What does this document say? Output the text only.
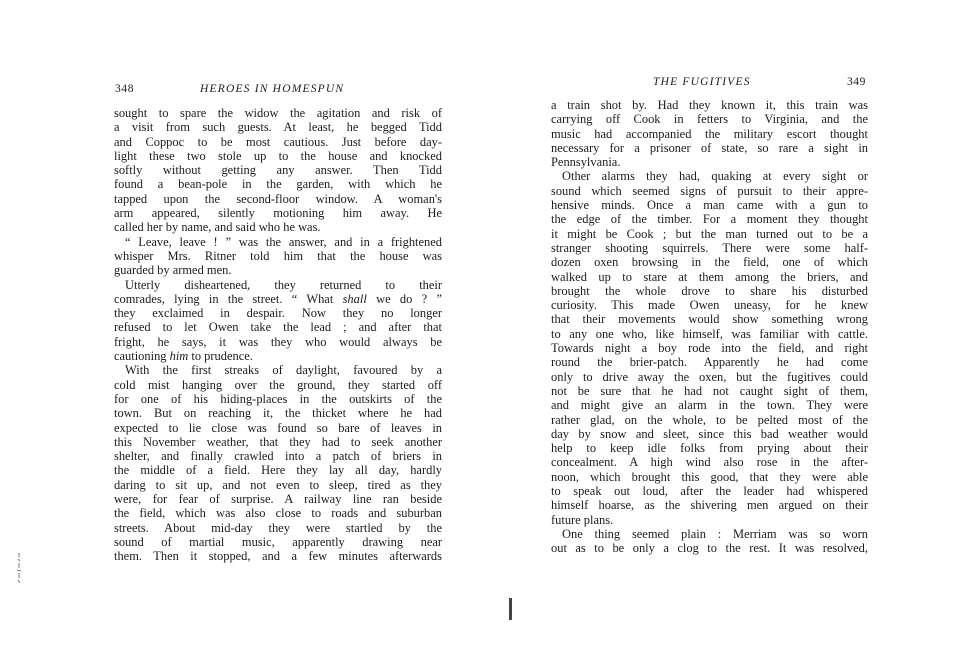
348	HEROES IN HOMESPUN
sought to spare the widow the agitation and risk of
a visit from such guests. At least, he begged Tidd
and Coppoc to be most cautious. Just before day-
light these two stole up to the house and knocked
softly without getting any answer. Then Tidd
found a bean-pole in the garden, with which he
tapped upon the second-floor window. A woman's
arm appeared, silently motioning him away. He
called her by name, and said who he was.
“ Leave, leave ! ” was the answer, and in a frightened
whisper Mrs. Ritner told him that the house was
guarded by armed men.
Utterly disheartened, they returned to their
comrades, lying in the street. “ What shall we do ? ”
they exclaimed in despair. Now they no longer
refused to let Owen take the lead ; and after that
fright, he says, it was they who would always be
cautioning him to prudence.
With the first streaks of daylight, favoured by a
cold mist hanging over the ground, they started off
for one of his hiding-places in the outskirts of the
town. But on reaching it, the thicket where he had
expected to lie close was found so bare of leaves in
this November weather, that they had to seek another
shelter, and finally crawled into a patch of briers in
the middle of a field. Here they lay all day, hardly
daring to sit up, and not even to sleep, tired as they
were, for fear of surprise. A railway line ran beside
the field, which was also close to roads and suburban
streets. About mid-day they were startled by the
sound of martial music, apparently drawing near
them. Then it stopped, and a few minutes afterwards
THE FUGITIVES	349
a train shot by. Had they known it, this train was
carrying off Cook in fetters to Virginia, and the
music had accompanied the military escort thought
necessary for a prisoner of state, so rare a sight in
Pennsylvania.
Other alarms they had, quaking at every sight or
sound which seemed signs of pursuit to their appre-
hensive minds. Once a man came with a gun to
the edge of the timber. For a moment they thought
it might be Cook ; but the man turned out to be a
stranger shooting squirrels. There were some half-
dozen oxen browsing in the field, one of which
walked up to stare at them among the briers, and
brought the whole drove to share his disturbed
curiosity. This made Owen uneasy, for he knew
that their movements would show something wrong
to any one who, like himself, was familiar with cattle.
Towards night a boy rode into the field, and right
round the brier-patch. Apparently he had come
only to drive away the oxen, but the fugitives could
not be sure that he had not caught sight of them,
and might give an alarm in the town. They were
rather glad, on the whole, to be pelted most of the
day by snow and sleet, since this bad weather would
help to keep idle folks from prying about their
concealment. A high wind also rose in the after-
noon, which brought this good, that they were able
to speak out loud, after the leader had whispered
himself hoarse, as the shivering men argued on their
future plans.
One thing seemed plain : Merriam was so worn
out as to be only a clog to the rest. It was resolved,
